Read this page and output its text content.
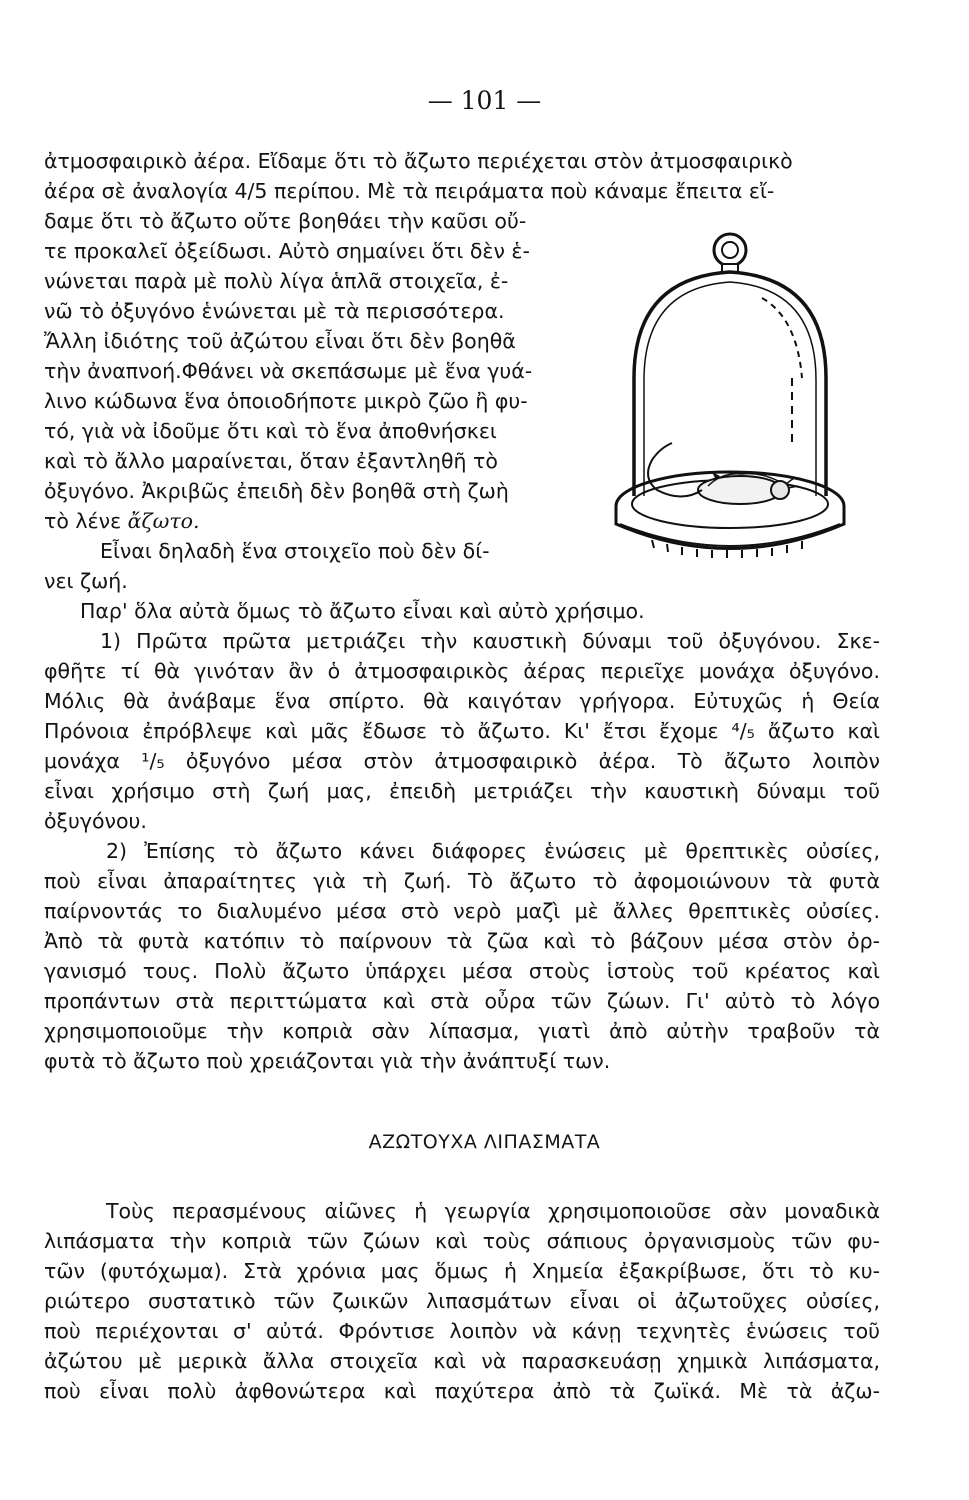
— 101 —
ἀτμοσφαιρικὸ ἀέρα. Εἴδαμε ὅτι τὸ ἄζωτο περιέχεται στὸν ἀτμοσφαιρικὸ
ἀέρα σὲ ἀναλογία 4/5 περίπου. Μὲ τὰ πειράματα ποὺ κάναμε ἔπειτα εἴ-
δαμε ὅτι τὸ ἄζωτο οὔτε βοηθάει τὴν καῦσι οὔ-
τε προκαλεῖ ὀξείδωσι. Αὐτὸ σημαίνει ὅτι δὲν ἑ-
νώνεται παρὰ μὲ πολὺ λίγα ἁπλᾶ στοιχεῖα, ἐ-
νῶ τὸ ὀξυγόνο ἑνώνεται μὲ τὰ περισσότερα.
Ἄλλη ἰδιότης τοῦ ἀζώτου εἶναι ὅτι δὲν βοηθᾶ
τὴν ἀναπνοή.Φθάνει νὰ σκεπάσωμε μὲ ἕνα γυά-
λινο κώδωνα ἕνα ὁποιοδήποτε μικρὸ ζῶο ἢ φυ-
τό, γιὰ νὰ ἰδοῦμε ὅτι καὶ τὸ ἕνα ἀποθνήσκει
καὶ τὸ ἄλλο μαραίνεται, ὅταν ἐξαντληθῆ τὸ
ὀξυγόνο. Ἀκριβῶς ἐπειδὴ δὲν βοηθᾶ στὴ ζωὴ
τὸ λένε ἄζωτο.
Εἶναι δηλαδὴ ἕνα στοιχεῖο ποὺ δὲν δί-
νει ζωή.
Παρ' ὅλα αὐτὰ ὅμως τὸ ἄζωτο εἶναι καὶ αὐτὸ χρήσιμο.
1) Πρῶτα πρῶτα μετριάζει τὴν καυστικὴ δύναμι τοῦ ὀξυγόνου. Σκε-
φθῆτε τί θὰ γινόταν ἂν ὁ ἀτμοσφαιρικὸς ἀέρας περιεῖχε μονάχα ὀξυγόνο.
Μόλις θὰ ἀνάβαμε ἕνα σπίρτο. θὰ καιγόταν γρήγορα. Εὐτυχῶς ἡ Θεία
Πρόνοια ἐπρόβλεψε καὶ μᾶς ἔδωσε τὸ ἄζωτο. Κι' ἔτσι ἔχομε ⁴/₅ ἄζωτο καὶ
μονάχα ¹/₅ ὀξυγόνο μέσα στὸν ἀτμοσφαιρικὸ ἀέρα. Τὸ ἄζωτο λοιπὸν
εἶναι χρήσιμο στὴ ζωή μας, ἐπειδὴ μετριάζει τὴν καυστικὴ δύναμι τοῦ
ὀξυγόνου.
2) Ἐπίσης τὸ ἄζωτο κάνει διάφορες ἑνώσεις μὲ θρεπτικὲς οὐσίες,
ποὺ εἶναι ἀπαραίτητες γιὰ τὴ ζωή. Τὸ ἄζωτο τὸ ἀφομοιώνουν τὰ φυτὰ
παίρνοντάς το διαλυμένο μέσα στὸ νερὸ μαζὶ μὲ ἄλλες θρεπτικὲς οὐσίες.
Ἀπὸ τὰ φυτὰ κατόπιν τὸ παίρνουν τὰ ζῶα καὶ τὸ βάζουν μέσα στὸν ὀρ-
γανισμό τους. Πολὺ ἄζωτο ὑπάρχει μέσα στοὺς ἱστοὺς τοῦ κρέατος καὶ
προπάντων στὰ περιττώματα καὶ στὰ οὖρα τῶν ζώων. Γι' αὐτὸ τὸ λόγο
χρησιμοποιοῦμε τὴν κοπριὰ σὰν λίπασμα, γιατὶ ἀπὸ αὐτὴν τραβοῦν τὰ
φυτὰ τὸ ἄζωτο ποὺ χρειάζονται γιὰ τὴν ἀνάπτυξί των.
ΑΖΩΤΟΥΧΑ ΛΙΠΑΣΜΑΤΑ
Τοὺς περασμένους αἰῶνες ἡ γεωργία χρησιμοποιοῦσε σὰν μοναδικὰ
λιπάσματα τὴν κοπριὰ τῶν ζώων καὶ τοὺς σάπιους ὀργανισμοὺς τῶν φυ-
τῶν (φυτόχωμα). Στὰ χρόνια μας ὅμως ἡ Χημεία ἐξακρίβωσε, ὅτι τὸ κυ-
ριώτερο συστατικὸ τῶν ζωικῶν λιπασμάτων εἶναι οἱ ἀζωτοῦχες οὐσίες,
ποὺ περιέχονται σ' αὐτά. Φρόντισε λοιπὸν νὰ κάνῃ τεχνητὲς ἑνώσεις τοῦ
ἀζώτου μὲ μερικὰ ἄλλα στοιχεῖα καὶ νὰ παρασκευάσῃ χημικὰ λιπάσματα,
ποὺ εἶναι πολὺ ἀφθονώτερα καὶ παχύτερα ἀπὸ τὰ ζωϊκά. Μὲ τὰ ἀζω-
